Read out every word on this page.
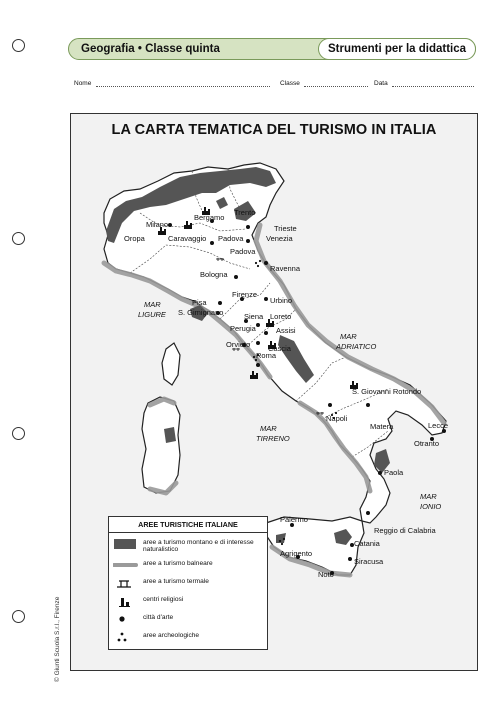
Geografia • Classe quinta	Strumenti per la didattica
Nome	Classe	Data
LA CARTA TEMATICA DEL TURISMO IN ITALIA
Milano
Bergamo
Trento
Trieste
Oropa	Caravaggio Padova	Venezia
Padova
Ravenna
Bologna
Firenze
Urbino
Pisa
S. Gimignano	Siena Loreto
Assisi
Perugia
Orvieto Cascia
Roma
S. Giovanni Rotondo
Napoli
Matera	Lecce
Otranto
Paola
Palermo
Reggio di Calabria
Agrigento
Catania
Siracusa
Noto
MAR
LIGURE
MAR
ADRIATICO
MAR
TIRRENO
MAR
IONIO
AREE TURISTICHE ITALIANE
aree a turismo montano e di interesse naturalistico
aree a turismo balneare
aree a turismo termale
centri religiosi
città d'arte
aree archeologiche
© Giunti Scuola S.r.l., Firenze
